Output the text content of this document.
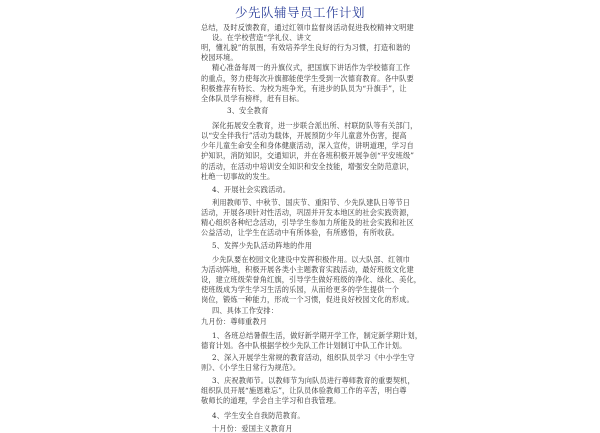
少先队辅导员工作计划
总结，及时反馈教育，通过红领巾监督岗活动促进我校精神文明建
设。在学校营造“学礼仪、讲文
明，懂礼貌”的氛围，有效培养学生良好的行为习惯，打造和谐的
校园环境。
精心准备每周一的升旗仪式，把国旗下讲话作为学校德育工作
的重点，努力使每次升旗都能使学生受到一次德育教育。各中队要
积极推荐有特长、为校为班争光，有进步的队员为“升旗手”，让
全体队员学有榜样，赶有目标。
3、安全教育
深化拓展安全教育，进一步联合派出所、村联防队等有关部门，
以“安全伴我行”活动为载体，开展预防少年儿童意外伤害，提高
少年儿童生命安全和身体健康活动，深入宣传，讲明道理，学习自
护知识，消防知识，交通知识，并在各班积极开展争创“平安班级”
的活动，在活动中培训安全知识和安全技能，增强安全防范意识，
杜绝一切事故的发生。
4、开展社会实践活动。
利用教师节、中秋节、国庆节、重阳节、少先队建队日等节日
活动，开展各项针对性活动，巩固并开发本地区的社会实践资源，
精心组织各种纪念活动，引导学生参加力所能及的社会实践和社区
公益活动，让学生在活动中有所体验，有所感悟，有所收获。
5、发挥少先队活动阵地的作用
少先队要在校园文化建设中发挥积极作用。以大队部、红领巾
为活动阵地，积极开展各类小主题教育实践活动，最好班级文化建
设，建立班级荣誉角红旗，引导学生做好班级的净化、绿化、美化，
使班级成为学生学习生活的乐园，从而给更多的学生提供一个
岗位，锻炼一种能力，形成一个习惯，促进良好校园文化的形成。
四、具体工作安排：
九月份：尊师重教月
1、各班总结暑假生活，做好新学期开学工作，制定新学期计划，
德育计划。各中队根据学校少先队工作计划制订中队工作计划。
2、深入开展学生常规的教育活动，组织队员学习《中小学生守
则》、《小学生日常行为规范》。
3、庆祝教师节。以教师节为向队员进行尊师教育的重要契机，
组织队员开展“施恩难忘”，让队员体验教师工作的辛苦，明白尊
敬师长的道理，学会自主学习和自我管理。
4、学生安全自我防范教育。
十月份：爱国主义教育月
